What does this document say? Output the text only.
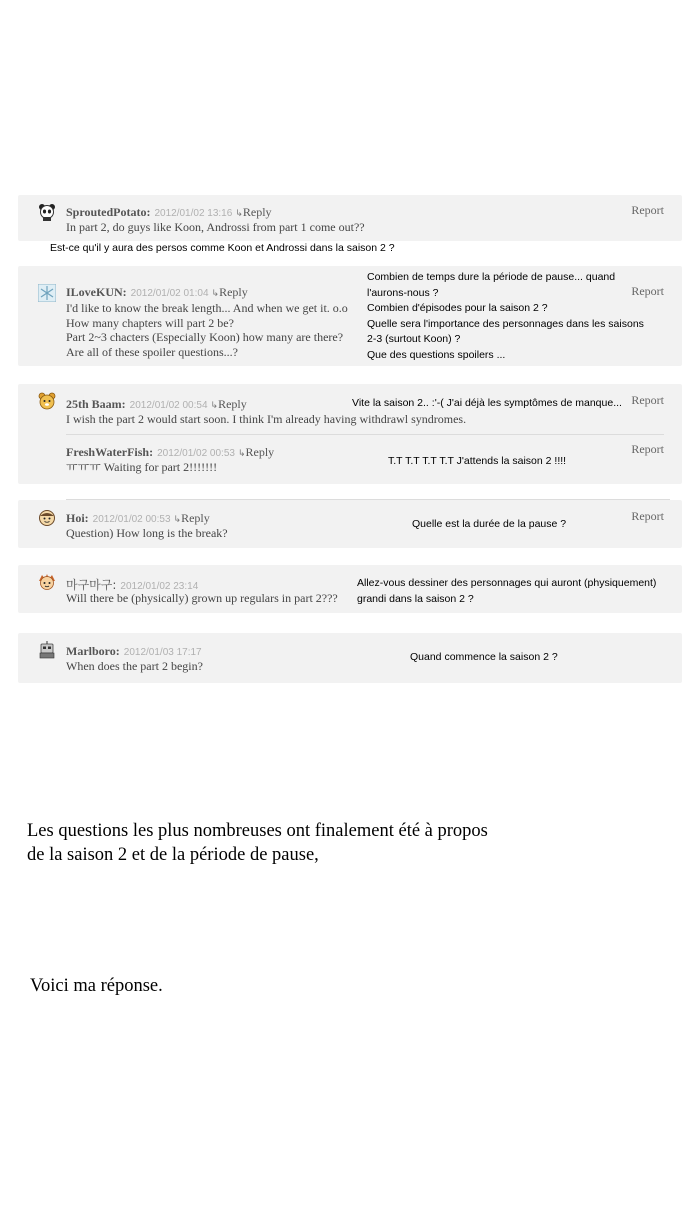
SproutedPotato: 2012/01/02 13:16 ↳Reply
In part 2, do guys like Koon, Androssi from part 1 come out??
Report
Est-ce qu'il y aura des persos comme Koon et Androssi dans la saison 2 ?
ILoveKUN: 2012/01/02 01:04 ↳Reply
I'd like to know the break length... And when we get it. o.o
How many chapters will part 2 be?
Part 2~3 chacters (Especially Koon) how many are there?
Are all of these spoiler questions...?
Report
Combien de temps dure la période de pause... quand
l'aurons-nous ?
Combien d'épisodes pour la saison 2 ?
Quelle sera l'importance des personnages dans les saisons
2-3 (surtout Koon) ?
Que des questions spoilers ...
25th Baam: 2012/01/02 00:54 ↳Reply
I wish the part 2 would start soon. I think I'm already having withdrawl syndromes.
Report
FreshWaterFish: 2012/01/02 00:53 ↳Reply
ㅠㅠㅠ Waiting for part 2!!!!!!!
Report
Vite la saison 2.. :'-( J'ai déjà les symptômes de manque...
T.T T.T T.T T.T J'attends la saison 2 !!!!
Hoi: 2012/01/02 00:53 ↳Reply
Question) How long is the break?
Report
Quelle est la durée de la pause ?
마구마구: 2012/01/02 23:14
Will there be (physically) grown up regulars in part 2???
Allez-vous dessiner des personnages qui auront (physiquement)
grandi dans la saison 2 ?
Marlboro: 2012/01/03 17:17
When does the part 2 begin?
Quand commence la saison 2 ?
Les questions les plus nombreuses ont finalement été à propos
de la saison 2 et de la période de pause,
Voici ma réponse.
